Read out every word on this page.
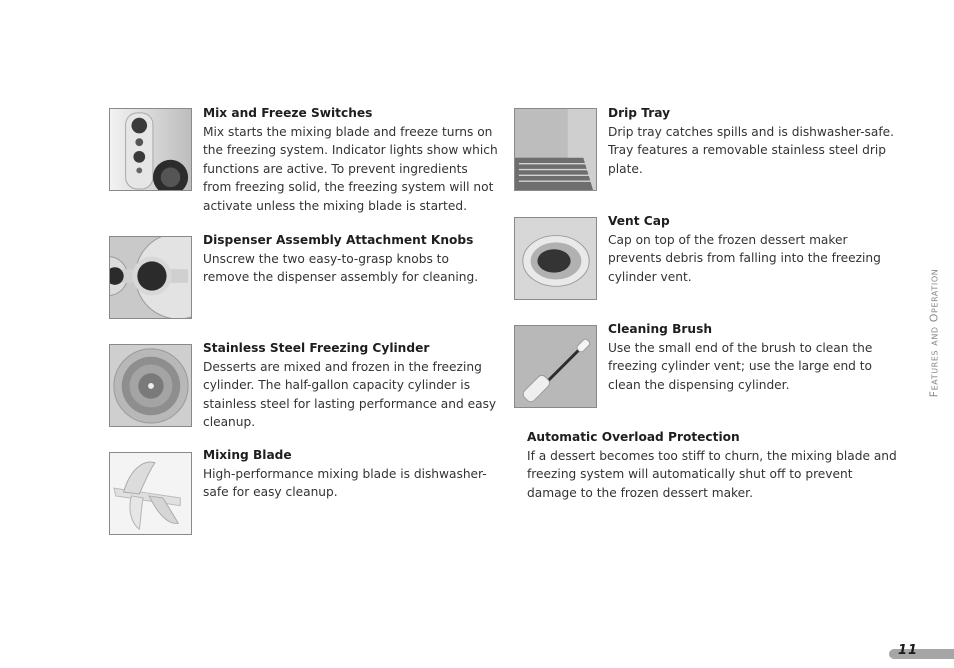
Mix and Freeze Switches

Mix starts the mixing blade and freeze turns on the freezing system. Indicator lights show which functions are active. To prevent ingredients from freezing solid, the freezing system will not activate unless the mixing blade is started.

Dispenser Assembly Attachment Knobs

Unscrew the two easy-to-grasp knobs to remove the dispenser assembly for cleaning.

Stainless Steel Freezing Cylinder

Desserts are mixed and frozen in the freezing cylinder. The half-gallon capacity cylinder is stainless steel for lasting performance and easy cleanup.

Mixing Blade

High-performance mixing blade is dishwasher-safe for easy cleanup.

Drip Tray

Drip tray catches spills and is dishwasher-safe. Tray features a removable stainless steel drip plate.

Vent Cap

Cap on top of the frozen dessert maker prevents debris from falling into the freezing cylinder vent.

Cleaning Brush

Use the small end of the brush to clean the freezing cylinder vent; use the large end to clean the dispensing cylinder.

Automatic Overload Protection

If a dessert becomes too stiff to churn, the mixing blade and freezing system will automatically shut off to prevent damage to the frozen dessert maker.

Features and Operation
11
